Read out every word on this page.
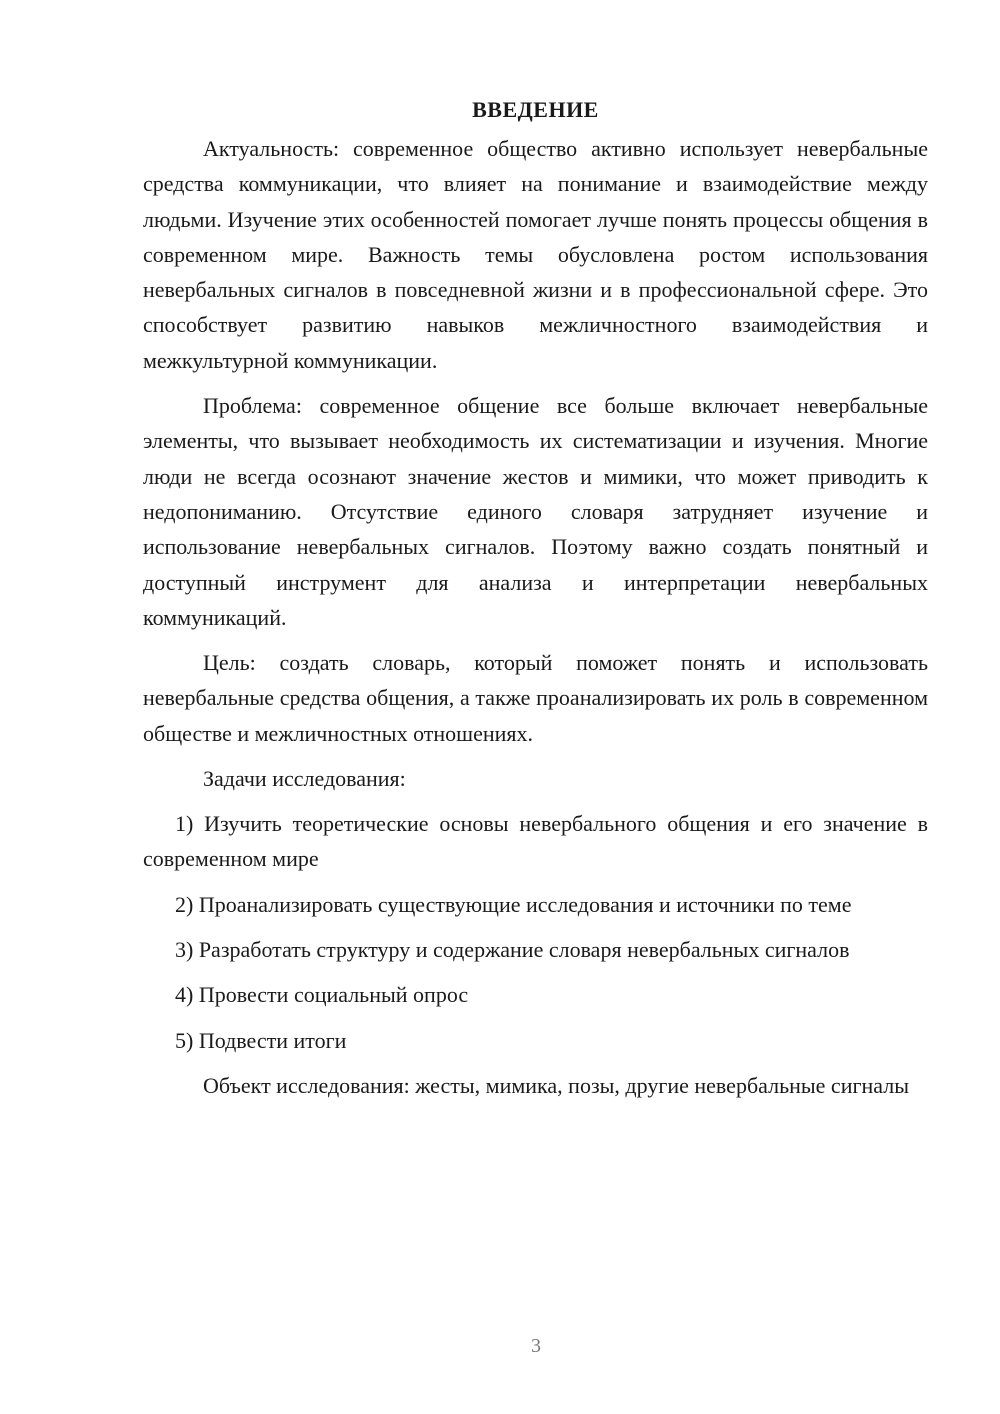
ВВЕДЕНИЕ

Актуальность: современное общество активно использует невербальные средства коммуникации, что влияет на понимание и взаимодействие между людьми. Изучение этих особенностей помогает лучше понять процессы общения в современном мире. Важность темы обусловлена ростом использования невербальных сигналов в повседневной жизни и в профессиональной сфере. Это способствует развитию навыков межличностного взаимодействия и межкультурной коммуникации.

Проблема: современное общение все больше включает невербальные элементы, что вызывает необходимость их систематизации и изучения. Многие люди не всегда осознают значение жестов и мимики, что может приводить к недопониманию. Отсутствие единого словаря затрудняет изучение и использование невербальных сигналов. Поэтому важно создать понятный и доступный инструмент для анализа и интерпретации невербальных коммуникаций.

Цель: создать словарь, который поможет понять и использовать невербальные средства общения, а также проанализировать их роль в современном обществе и межличностных отношениях.

Задачи исследования:

1) Изучить теоретические основы невербального общения и его значение в современном мире

2) Проанализировать существующие исследования и источники по теме

3) Разработать структуру и содержание словаря невербальных сигналов

4) Провести социальный опрос

5) Подвести итоги

Объект исследования: жесты, мимика, позы, другие невербальные сигналы

3
